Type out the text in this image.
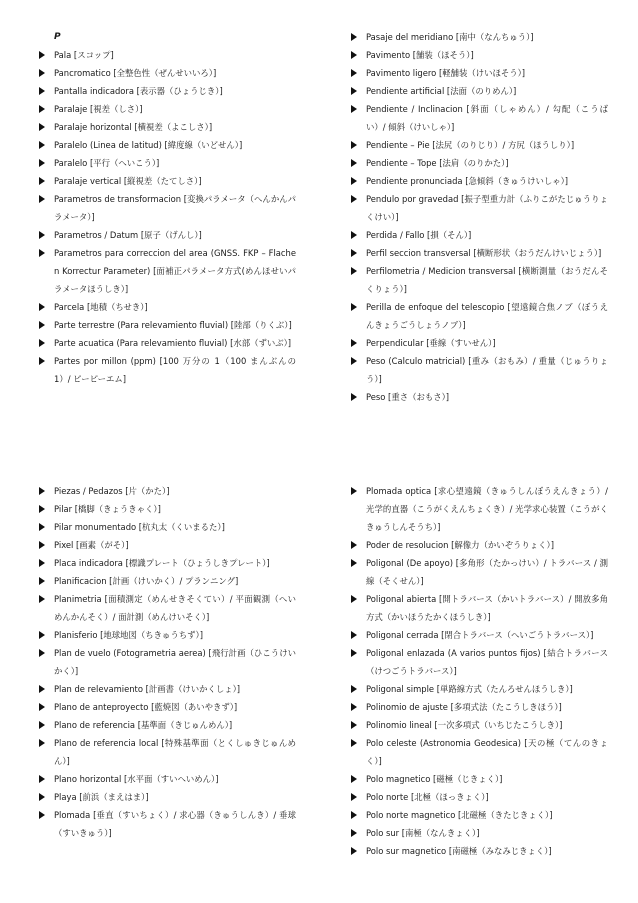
P
Pala [スコップ]
Pancromatico [全整色性（ぜんせいいろ）]
Pantalla indicadora [表示器（ひょうじき）]
Paralaje [視差（しさ）]
Paralaje horizontal [横視差（よこしさ）]
Paralelo (Linea de latitud) [緯度線（いどせん）]
Paralelo [平行（へいこう）]
Paralaje vertical [縦視差（たてしさ）]
Parametros de transformacion [変換パラメータ（へんかんパラメータ）]
Parametros / Datum [原子（げんし）]
Parametros para correccion del area (GNSS. FKP – Flachen Korrectur Parameter) [面補正パラメータ方式(めんほせいパラメータほうしき）]
Parcela [地積（ちせき）]
Parte terrestre (Para relevamiento fluvial) [陸部（りくぶ）]
Parte acuatica (Para relevamiento fluvial) [水部（ずいぶ）]
Partes por millon (ppm) [100 万分の 1（100 まんぶんの 1）/ ピーピーエム]
Pasaje del meridiano [南中（なんちゅう）]
Pavimento [舗装（ほそう）]
Pavimento ligero [軽舗装（けいほそう）]
Pendiente artificial [法面（のりめん）]
Pendiente / Inclinacion [斜面（しゃめん）/ 勾配（こうばい）/ 傾斜（けいしゃ）]
Pendiente – Pie [法尻（のりじり）/ 方尻（ほうしり）]
Pendiente – Tope [法肩（のりかた）]
Pendiente pronunciada [急傾斜（きゅうけいしゃ）]
Pendulo por gravedad [振子型重力計（ふりこがたじゅうりょくけい）]
Perdida / Fallo [損（そん）]
Perfil seccion transversal [横断形状（おうだんけいじょう）]
Perfilometria / Medicion transversal [横断測量（おうだんそくりょう）]
Perilla de enfoque del telescopio [望遠鏡合焦ノブ（ぼうえんきょうごうしょうノブ）]
Perpendicular [垂線（すいせん）]
Peso (Calculo matricial) [重み（おもみ）/ 重量（じゅうりょう）]
Peso [重さ（おもさ）]
Piezas / Pedazos [片（かた）]
Pilar [橋脚（きょうきゃく）]
Pilar monumentado [杭丸太（くいまるた）]
Pixel [画素（がそ）]
Placa indicadora [標識プレート（ひょうしきプレート）]
Planificacion [計画（けいかく）/ プランニング]
Planimetria [面積測定（めんせきそくてい）/ 平面観測（へいめんかんそく）/ 面計測（めんけいそく）]
Planisferio [地球地図（ちきゅうちず）]
Plan de vuelo (Fotogrametria aerea) [飛行計画（ひこうけいかく）]
Plan de relevamiento [計画書（けいかくしょ）]
Plano de anteproyecto [藍焼図（あいやきず）]
Plano de referencia [基準面（きじゅんめん）]
Plano de referencia local [特殊基準面（とくしゅきじゅんめん）]
Plano horizontal [水平面（すいへいめん）]
Playa [前浜（まえはま）]
Plomada [垂直（すいちょく）/ 求心器（きゅうしんき）/ 垂球（すいきゅう）]
Plomada optica [求心望遠鏡（きゅうしんぼうえんきょう）/ 光学的直器（こうがくえんちょくき）/ 光学求心装置（こうがくきゅうしんそうち）]
Poder de resolucion [解像力（かいぞうりょく）]
Poligonal (De apoyo) [多角形（たかっけい）/ トラバース / 測線（そくせん）]
Poligonal abierta [開トラバース（かいトラバース）/ 開放多角方式（かいほうたかくほうしき）]
Poligonal cerrada [閉合トラバース（へいごうトラバース）]
Poligonal enlazada (A varios puntos fijos) [結合トラバース（けつごうトラバース）]
Poligonal simple [単路線方式（たんろせんほうしき）]
Polinomio de ajuste [多項式法（たこうしきほう）]
Polinomio lineal [一次多項式（いちじたこうしき）]
Polo celeste (Astronomia Geodesica) [天の極（てんのきょく）]
Polo magnetico [磁極（じきょく）]
Polo norte [北極（ほっきょく）]
Polo norte magnetico [北磁極（きたじきょく）]
Polo sur [南極（なんきょく）]
Polo sur magnetico [南磁極（みなみじきょく）]
